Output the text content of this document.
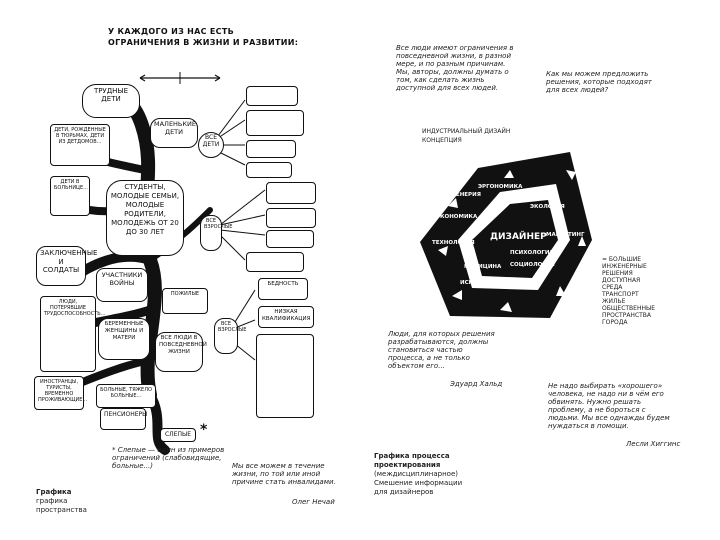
У КАЖДОГО ИЗ НАС ЕСТЬ ОГРАНИЧЕНИЯ В ЖИЗНИ И РАЗВИТИИ:
ТРУДНЫЕ ДЕТИ
МАЛЕНЬКИЕ ДЕТИ
ВСЕ ДЕТИ
ДЕТИ, РОЖДЕННЫЕ В ТЮРЬМАХ, ДЕТИ ИЗ ДЕТДОМОВ...
ДЕТИ В БОЛЬНИЦЕ...	СТУДЕНТЫ, МОЛОДЫЕ СЕМЬИ, МОЛОДЫЕ РОДИТЕЛИ, МОЛОДЕЖЬ ОТ 20 ДО 30 ЛЕТ
ЗАКЛЮЧЕННЫЕ И СОЛДАТЫ
УЧАСТНИКИ ВОЙНЫ
ЛЮДИ, ПОТЕРЯВШИЕ ТРУДОСПОСОБНОСТЬ...
БЕРЕМЕННЫЕ ЖЕНЩИНЫ И МАТЕРИ	ВСЕ ЛЮДИ В ПОВСЕДНЕВНОЙ ЖИЗНИ
ВСЕ ВЗРОСЛЫЕ
ПОЖИЛЫЕ
ИНОСТРАНЦЫ, ТУРИСТЫ, ВРЕМЕННО ПРОЖИВАЮЩИЕ...
БОЛЬНЫЕ, ТЯЖЕЛО БОЛЬНЫЕ...
ПЕНСИОНЕРЫ
СЛЕПЫЕ
ВСЕ ВЗРОСЛЫЕ
БЕДНОСТЬ
НИЗКАЯ КВАЛИФИКАЦИЯ
*
* Слепые — один из примеров ограничений (слабовидящие, больные...)	Мы все можем в течение жизни, по той или иной причине стать инвалидами.
Олег Нечай
Графика
графика
пространства
Все люди имеют ограничения в повседневной жизни, в разной мере, и по разным причинам. Мы, авторы, должны думать о том, как сделать жизнь доступной для всех людей.
Как мы можем предложить решения, которые подходят для всех людей?
ИНДУСТРИАЛЬНЫЙ ДИЗАЙН
КОНЦЕПЦИЯ
ЭРГОНОМИКА
ИНЖЕНЕРИЯ
ЭКОЛОГИЯ
ЭКОНОМИКА
МАРКЕТИНГ
ТЕХНОЛОГИЯ
МЕДИЦИНА
ПСИХОЛОГИЯ
СОЦИОЛОГИЯ
ИСКУССТВО
ДИЗАЙНЕР
= БОЛЬШИЕ
ИНЖЕНЕРНЫЕ
РЕШЕНИЯ
ДОСТУПНАЯ
СРЕДА
ТРАНСПОРТ
ЖИЛЬЕ
ОБЩЕСТВЕННЫЕ
ПРОСТРАНСТВА
ГОРОДА
Люди, для которых решения разрабатываются, должны становиться частью процесса, а не только объектом его...
Эдуард Хальд	Не надо выбирать «хорошего» человека, не надо ни в чём его обвинять. Нужно решать проблему, а не бороться с людьми. Мы все однажды будем нуждаться в помощи.
Лесли Хиггинс
Графика процесса проектирования
(междисциплинарное)
Смешение информации
для дизайнеров
